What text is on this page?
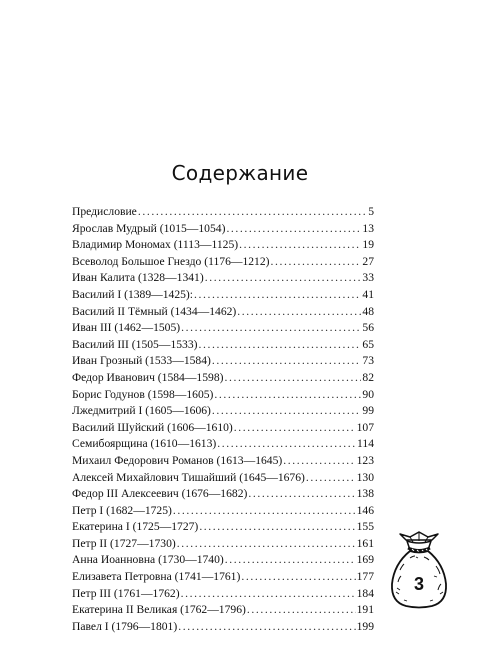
Содержание
Предисловие .....	5
Ярослав Мудрый (1015—1054) .....	13
Владимир Мономах (1113—1125) .....	19
Всеволод Большое Гнездо (1176—1212) .....	27
Иван Калита (1328—1341) .....	33
Василий I (1389—1425): .....	41
Василий II Тёмный (1434—1462) .....	48
Иван III (1462—1505) .....	56
Василий III (1505—1533) .....	65
Иван Грозный (1533—1584) .....	73
Федор Иванович (1584—1598) .....	82
Борис Годунов (1598—1605) .....	90
Лжедмитрий I (1605—1606) .....	99
Василий Шуйский (1606—1610) .....	107
Семибоярщина (1610—1613) .....	114
Михаил Федорович Романов (1613—1645) .....	123
Алексей Михайлович Тишайший (1645—1676) .....	130
Федор III Алексеевич (1676—1682) .....	138
Петр I (1682—1725) .....	146
Екатерина I (1725—1727) .....	155
Петр II (1727—1730) .....	161
Анна Иоанновна (1730—1740) .....	169
Елизавета Петровна (1741—1761) .....	177
Петр III (1761—1762) .....	184
Екатерина II Великая (1762—1796) .....	191
Павел I (1796—1801) .....	199
3
